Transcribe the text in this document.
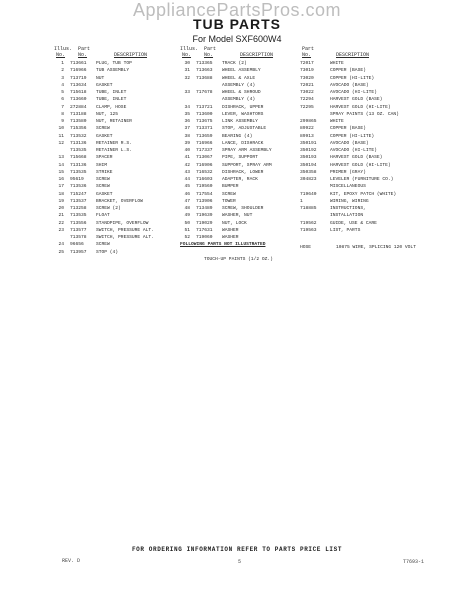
AppliancePartsPros.com
TUB PARTS
For Model SXF600W4
Illus. Part
No.	No.	DESCRIPTION
1 713661 PLUG, TUB TOP
2 716966 TUB ASSEMBLY
3 713719 NUT
4 713634 GASKET
5 715618 TUBE, INLET
6 713660 TUBE, INLET
7 272884 CLAMP, HOSE
8 713188 NUT, 125
9 713580 NUT, RETAINER
10 715356 SCREW
11 713532 GASKET
12 713136 RETAINER R.S.
713535 RETAINER L.S.
13 715668 SPACER
14 713136 SHIM
15 713535 STRIKE
16 95619	SCREW
17 713536 SCREW
18 715247 GASKET
19 713537 BRACKET, OVERFLOW
20 713258 SCREW (2)
21 713535 FLOAT
22 713556 STANDPIPE, OVERFLOW
23 713577 SWITCH, PRESSURE ALT.
713578 SWITCH, PRESSURE ALT.
24 96656	SCREW
25 713957 STOP (4)
Illus. Part
No.	No.	DESCRIPTION
30 713365 TRACK (2)
31 713663 WHEEL ASSEMBLY
32 713688 WHEEL & AXLE
ASSEMBLY (4)
33 717678 WHEEL & SHROUD
ASSEMBLY (4)
34 713721 DISHRACK, UPPER
35 713600 LEVER, WASHTORS
36 713675 LINK ASSEMBLY
37 713371 STOP, ADJUSTABLE
38 713659 BEARING (4)
39 716966 LANCE, DISHRACK
40 717337 SPRAY ARM ASSEMBLY
41 713067 PIPE, SUPPORT
42 716906 SUPPORT, SPRAY ARM
43 716532 DISHRACK, LOWER
44 716603 ADAPTER, RACK
45 719560 BUMPER
46 717554 SCREW
47 713906 TOWER
48 713489 SCREW, SHOULDER
49 719639 WASHER, NUT
50 719029 NUT, LOCK
51 717631 WASHER
52 719060 WASHER
FOLLOWING PARTS NOT ILLUSTRATED
TOUCH-UP PAINTS (1/2 OZ.)
Part
No.	DESCRIPTION
72017	WHITE
73019	COPPER (BASE)
73020	COPPER (HI-LITE)
72021	AVOCADO (BASE)
73022	AVOCADO (HI-LITE)
72294	HARVEST GOLD (BASE)
72295	HARVEST GOLD (HI-LITE)
SPRAY PAINTS (13 OZ. CAN)
299865	WHITE
89922	COPPER (BASE)
89913	COPPER (HI-LITE)
350191	AVOCADO (BASE)
350192	AVOCADO (HI-LITE)
350193	HARVEST GOLD (BASE)
350194	HARVEST GOLD (HI-LITE)
350358	PRIMER (GRAY)
304823	LEVELER (FURNITURE CO.)
MISCELLANEOUS
719640	KIT, EPOXY PATCH (WHITE)
1	WIRING, WIRING
718885	INSTRUCTIONS,
INSTALLATION
719562	GUIDE, USE & CARE
719563	LIST, PARTS
HOSE	10875 WIRE, SPLICING 120 VOLT
FOR ORDERING INFORMATION REFER TO PARTS PRICE LIST
REV. D	5	T7693-1
